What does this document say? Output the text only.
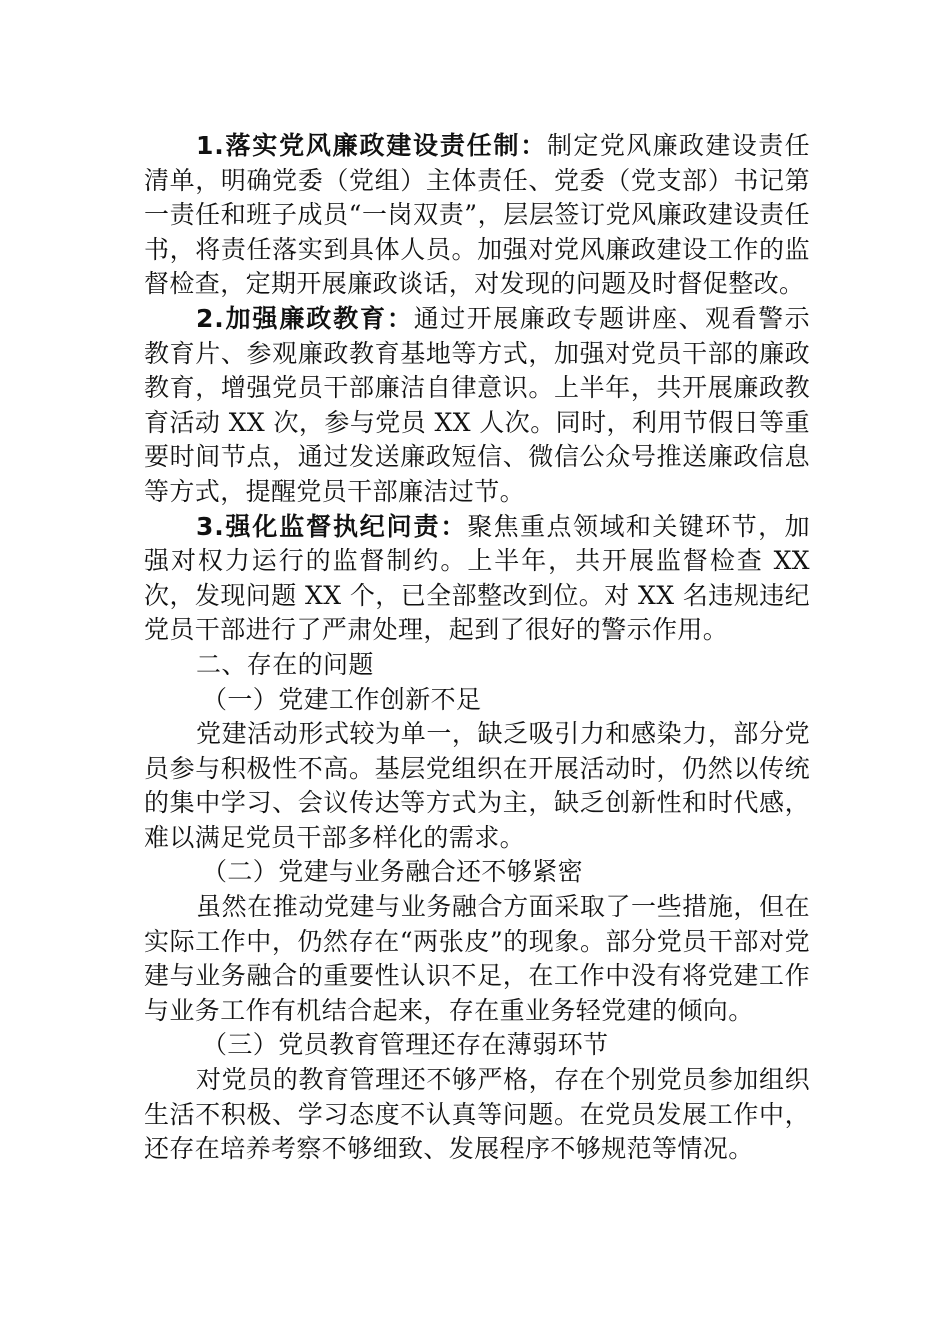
1.落实党风廉政建设责任制：制定党风廉政建设责任清单，明确党委（党组）主体责任、党委（党支部）书记第一责任和班子成员“一岗双责”，层层签订党风廉政建设责任书，将责任落实到具体人员。加强对党风廉政建设工作的监督检查，定期开展廉政谈话，对发现的问题及时督促整改。

2.加强廉政教育：通过开展廉政专题讲座、观看警示教育片、参观廉政教育基地等方式，加强对党员干部的廉政教育，增强党员干部廉洁自律意识。上半年，共开展廉政教育活动 XX 次，参与党员 XX 人次。同时，利用节假日等重要时间节点，通过发送廉政短信、微信公众号推送廉政信息等方式，提醒党员干部廉洁过节。

3.强化监督执纪问责：聚焦重点领域和关键环节，加强对权力运行的监督制约。上半年，共开展监督检查 XX 次，发现问题 XX 个，已全部整改到位。对 XX 名违规违纪党员干部进行了严肃处理，起到了很好的警示作用。

二、存在的问题

（一）党建工作创新不足

党建活动形式较为单一，缺乏吸引力和感染力，部分党员参与积极性不高。基层党组织在开展活动时，仍然以传统的集中学习、会议传达等方式为主，缺乏创新性和时代感，难以满足党员干部多样化的需求。

（二）党建与业务融合还不够紧密

虽然在推动党建与业务融合方面采取了一些措施，但在实际工作中，仍然存在“两张皮”的现象。部分党员干部对党建与业务融合的重要性认识不足，在工作中没有将党建工作与业务工作有机结合起来，存在重业务轻党建的倾向。

（三）党员教育管理还存在薄弱环节

对党员的教育管理还不够严格，存在个别党员参加组织生活不积极、学习态度不认真等问题。在党员发展工作中，还存在培养考察不够细致、发展程序不够规范等情况。
